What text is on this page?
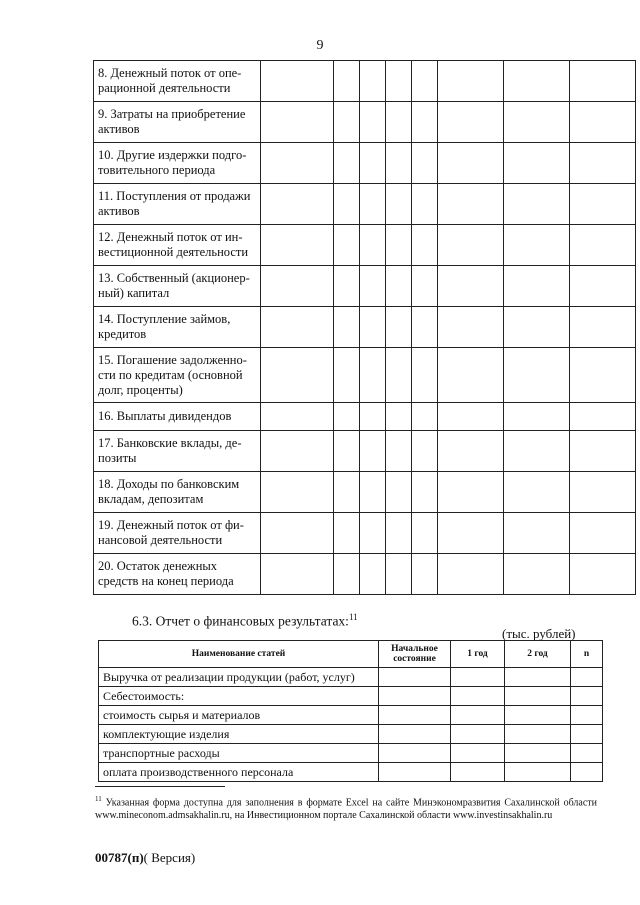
9
8. Денежный поток от опе-рационной деятельности								
9. Затраты на приобретение активов								
10. Другие издержки подго-товительного периода								
11. Поступления от продажи активов								
12. Денежный поток от ин-вестиционной деятельности								
13. Собственный (акционер-ный) капитал								
14. Поступление займов, кредитов								
15. Погашение задолженно-сти по кредитам (основной долг, проценты)								
16. Выплаты дивидендов								
17. Банковские вклады, де-позиты								
18. Доходы по банковским вкладам, депозитам								
19. Денежный поток от фи-нансовой деятельности								
20. Остаток денежных средств на конец периода								
6.3. Отчет о финансовых результатах:$^{11}$
(тыс. рублей)
Наименование статей	Начальное состояние	1 год	2 год	n
Выручка от реализации продукции (работ, услуг)				
Себестоимость:				
стоимость сырья и материалов				
комплектующие изделия				
транспортные расходы				
оплата производственного персонала				
$^{11}$ Указанная форма доступна для заполнения в формате Excel на сайте Минэкономразвития Сахалинской области www.mineconom.admsakhalin.ru, на Инвестиционном портале Сахалинской области www.investinsakhalin.ru
00787(п)( Версия)
